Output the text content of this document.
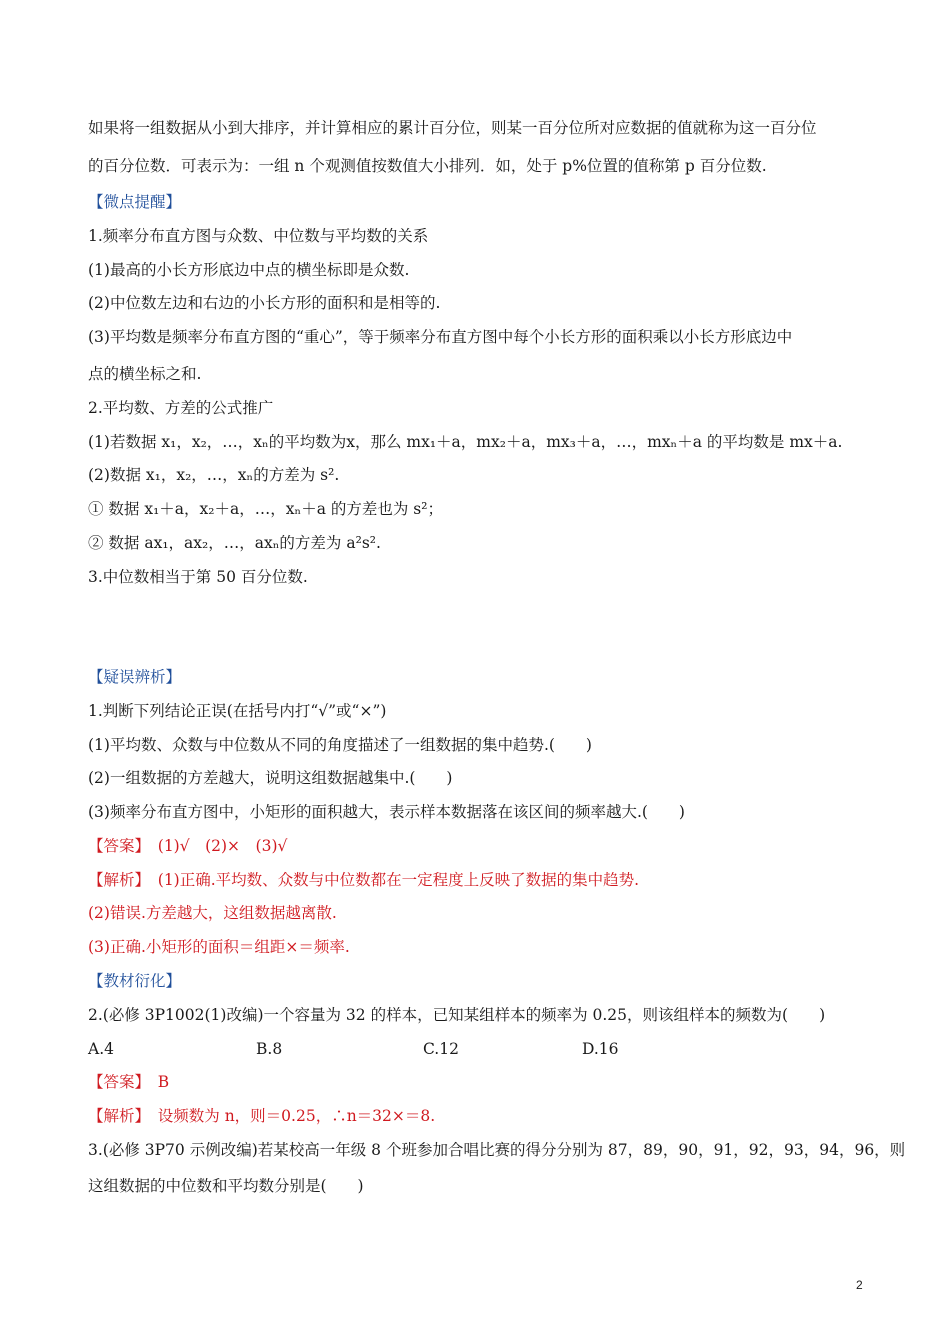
如果将一组数据从小到大排序，并计算相应的累计百分位，则某一百分位所对应数据的值就称为这一百分位
的百分位数．可表示为：一组 n 个观测值按数值大小排列．如，处于 p%位置的值称第 p 百分位数.
【微点提醒】
1.频率分布直方图与众数、中位数与平均数的关系
(1)最高的小长方形底边中点的横坐标即是众数.
(2)中位数左边和右边的小长方形的面积和是相等的.
(3)平均数是频率分布直方图的“重心”，等于频率分布直方图中每个小长方形的面积乘以小长方形底边中
点的横坐标之和.
2.平均数、方差的公式推广
(1)若数据 x₁，x₂，…，xₙ的平均数为x，那么 mx₁＋a，mx₂＋a，mx₃＋a，…，mxₙ＋a 的平均数是 mx＋a.
(2)数据 x₁，x₂，…，xₙ的方差为 s².
① 数据 x₁＋a，x₂＋a，…，xₙ＋a 的方差也为 s²；
② 数据 ax₁，ax₂，…，axₙ的方差为 a²s².
3.中位数相当于第 50 百分位数.
【疑误辨析】
1.判断下列结论正误(在括号内打“√”或“×”)
(1)平均数、众数与中位数从不同的角度描述了一组数据的集中趋势.(　　)
(2)一组数据的方差越大，说明这组数据越集中.(　　)
(3)频率分布直方图中，小矩形的面积越大，表示样本数据落在该区间的频率越大.(　　)
【答案】　(1)√　(2)×　(3)√
【解析】　(1)正确.平均数、众数与中位数都在一定程度上反映了数据的集中趋势.
(2)错误.方差越大，这组数据越离散.
(3)正确.小矩形的面积＝组距×＝频率.
【教材衍化】
2.(必修 3P1002(1)改编)一个容量为 32 的样本，已知某组样本的频率为 0.25，则该组样本的频数为(　　)
A.4	B.8	C.12	D.16
【答案】　B
【解析】　设频数为 n，则＝0.25，∴n＝32×＝8.
3.(必修 3P70 示例改编)若某校高一年级 8 个班参加合唱比赛的得分分别为 87，89，90，91，92，93，94，96，则
这组数据的中位数和平均数分别是(　　)
2
